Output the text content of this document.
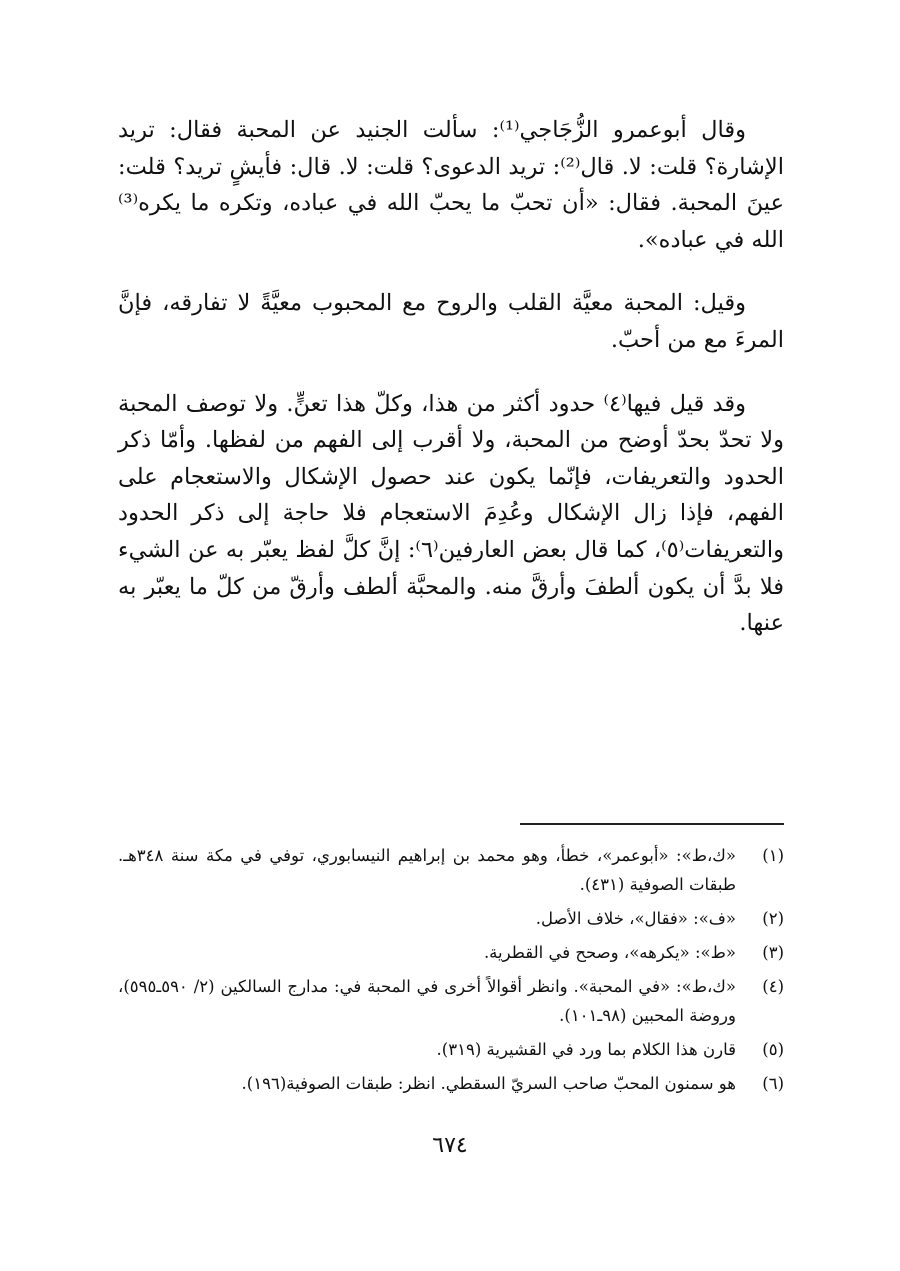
وقال أبوعمرو الزُّجَاجي⁽¹⁾: سألت الجنيد عن المحبة فقال: تريد الإشارة؟ قلت: لا. قال⁽²⁾: تريد الدعوى؟ قلت: لا. قال: فأيشٍ تريد؟ قلت: عينَ المحبة. فقال: «أن تحبّ ما يحبّ الله في عباده، وتكره ما يكره⁽³⁾ الله في عباده».

وقيل: المحبة معيَّة القلب والروح مع المحبوب معيَّةً لا تفارقه، فإنَّ المرءَ مع من أحبّ.

وقد قيل فيها⁽٤⁾ حدود أكثر من هذا، وكلّ هذا تعنٍّ. ولا توصف المحبة ولا تحدّ بحدّ أوضح من المحبة، ولا أقرب إلى الفهم من لفظها. وأمّا ذكر الحدود والتعريفات، فإنّما يكون عند حصول الإشكال والاستعجام على الفهم، فإذا زال الإشكال وعُدِمَ الاستعجام فلا حاجة إلى ذكر الحدود والتعريفات⁽٥⁾، كما قال بعض العارفين⁽٦⁾: إنَّ كلَّ لفظ يعبّر به عن الشيء فلا بدَّ أن يكون ألطفَ وأرقَّ منه. والمحبَّة ألطف وأرقّ من كلّ ما يعبّر به عنها.

(١)
«ك،ط»: «أبوعمر»، خطأ، وهو محمد بن إبراهيم النيسابوري، توفي في مكة سنة ٣٤٨هـ. طبقات الصوفية (٤٣١).
(٢)
«ف»: «فقال»، خلاف الأصل.
(٣)
«ط»: «يكرهه»، وصحح في القطرية.
(٤)
«ك،ط»: «في المحبة». وانظر أقوالاً أخرى في المحبة في: مدارج السالكين (٢/ ٥٩٠ـ٥٩٥)، وروضة المحبين (٩٨ـ١٠١).
(٥)
قارن هذا الكلام بما ورد في القشيرية (٣١٩).
(٦)
هو سمنون المحبّ صاحب السريّ السقطي. انظر: طبقات الصوفية(١٩٦).
٦٧٤
